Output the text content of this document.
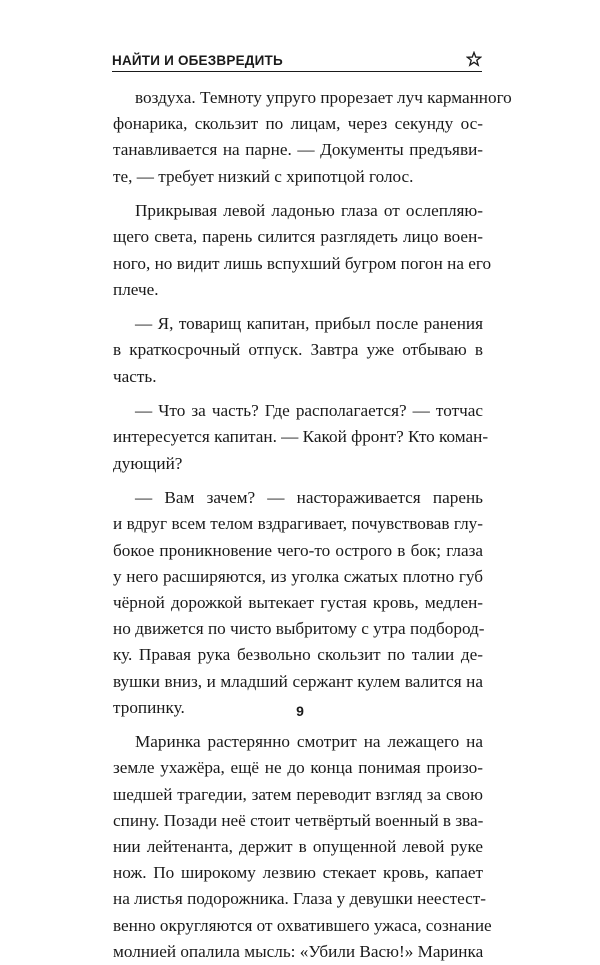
НАЙТИ И ОБЕЗВРЕДИТЬ
воздуха. Темноту упруго прорезает луч карманного
фонарика, скользит по лицам, через секунду ос-
танавливается на парне. — Документы предъяви-
те, — требует низкий с хрипотцой голос.
Прикрывая левой ладонью глаза от ослепляю-
щего света, парень силится разглядеть лицо воен-
ного, но видит лишь вспухший бугром погон на его
плече.
— Я, товарищ капитан, прибыл после ранения
в краткосрочный отпуск. Завтра уже отбываю в
часть.
— Что за часть? Где располагается? — тотчас
интересуется капитан. — Какой фронт? Кто коман-
дующий?
— Вам зачем? — настораживается парень
и вдруг всем телом вздрагивает, почувствовав глу-
бокое проникновение чего-то острого в бок; глаза
у него расширяются, из уголка сжатых плотно губ
чёрной дорожкой вытекает густая кровь, медлен-
но движется по чисто выбритому с утра подбород-
ку. Правая рука безвольно скользит по талии де-
вушки вниз, и младший сержант кулем валится на
тропинку.
Маринка растерянно смотрит на лежащего на
земле ухажёра, ещё не до конца понимая произо-
шедшей трагедии, затем переводит взгляд за свою
спину. Позади неё стоит четвёртый военный в зва-
нии лейтенанта, держит в опущенной левой руке
нож. По широкому лезвию стекает кровь, капает
на листья подорожника. Глаза у девушки неестест-
венно округляются от охватившего ужаса, сознание
молнией опалила мысль: «Убили Васю!» Маринка
9
